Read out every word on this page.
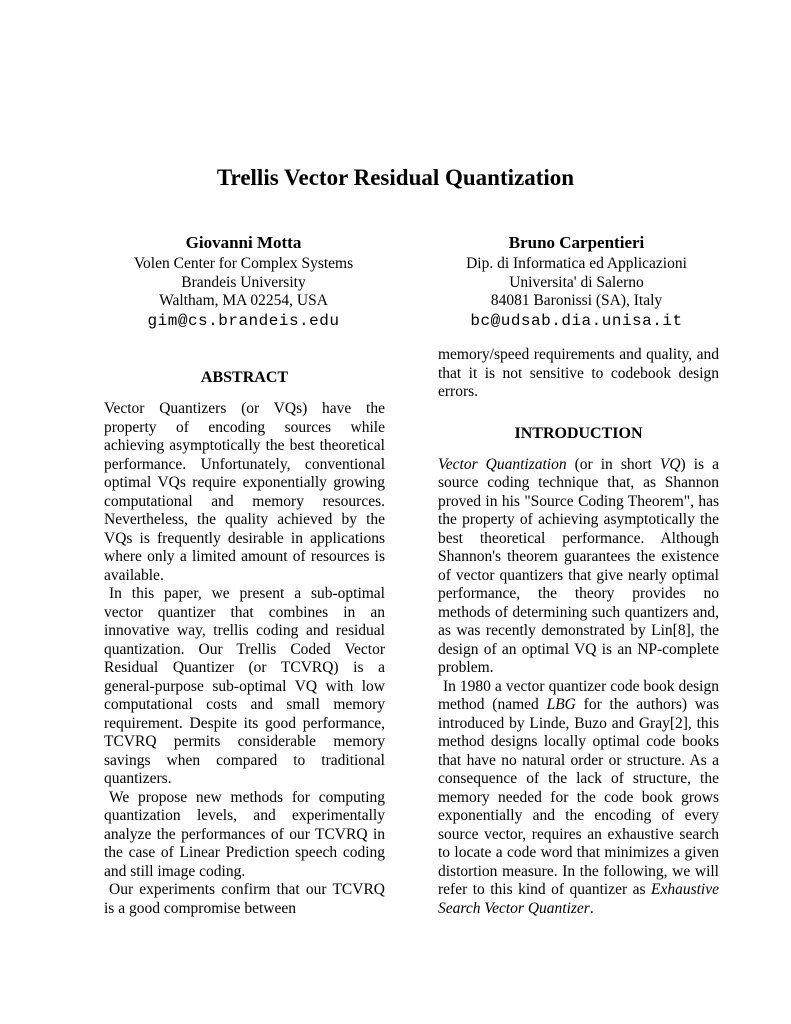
Trellis Vector Residual Quantization
Giovanni Motta
Volen Center for Complex Systems
Brandeis University
Waltham, MA 02254, USA
gim@cs.brandeis.edu
Bruno Carpentieri
Dip. di Informatica ed Applicazioni
Universita' di Salerno
84081 Baronissi (SA), Italy
bc@udsab.dia.unisa.it
ABSTRACT

Vector Quantizers (or VQs) have the property of encoding sources while achieving asymptotically the best theoretical performance. Unfortunately, conventional optimal VQs require exponentially growing computational and memory resources. Nevertheless, the quality achieved by the VQs is frequently desirable in applications where only a limited amount of resources is available.

In this paper, we present a sub-optimal vector quantizer that combines in an innovative way, trellis coding and residual quantization. Our Trellis Coded Vector Residual Quantizer (or TCVRQ) is a general-purpose sub-optimal VQ with low computational costs and small memory requirement. Despite its good performance, TCVRQ permits considerable memory savings when compared to traditional quantizers.

We propose new methods for computing quantization levels, and experimentally analyze the performances of our TCVRQ in the case of Linear Prediction speech coding and still image coding.

Our experiments confirm that our TCVRQ is a good compromise between

memory/speed requirements and quality, and that it is not sensitive to codebook design errors.

INTRODUCTION

Vector Quantization (or in short VQ) is a source coding technique that, as Shannon proved in his "Source Coding Theorem", has the property of achieving asymptotically the best theoretical performance. Although Shannon's theorem guarantees the existence of vector quantizers that give nearly optimal performance, the theory provides no methods of determining such quantizers and, as was recently demonstrated by Lin[8], the design of an optimal VQ is an NP-complete problem.

In 1980 a vector quantizer code book design method (named LBG for the authors) was introduced by Linde, Buzo and Gray[2], this method designs locally optimal code books that have no natural order or structure. As a consequence of the lack of structure, the memory needed for the code book grows exponentially and the encoding of every source vector, requires an exhaustive search to locate a code word that minimizes a given distortion measure. In the following, we will refer to this kind of quantizer as Exhaustive Search Vector Quantizer.
